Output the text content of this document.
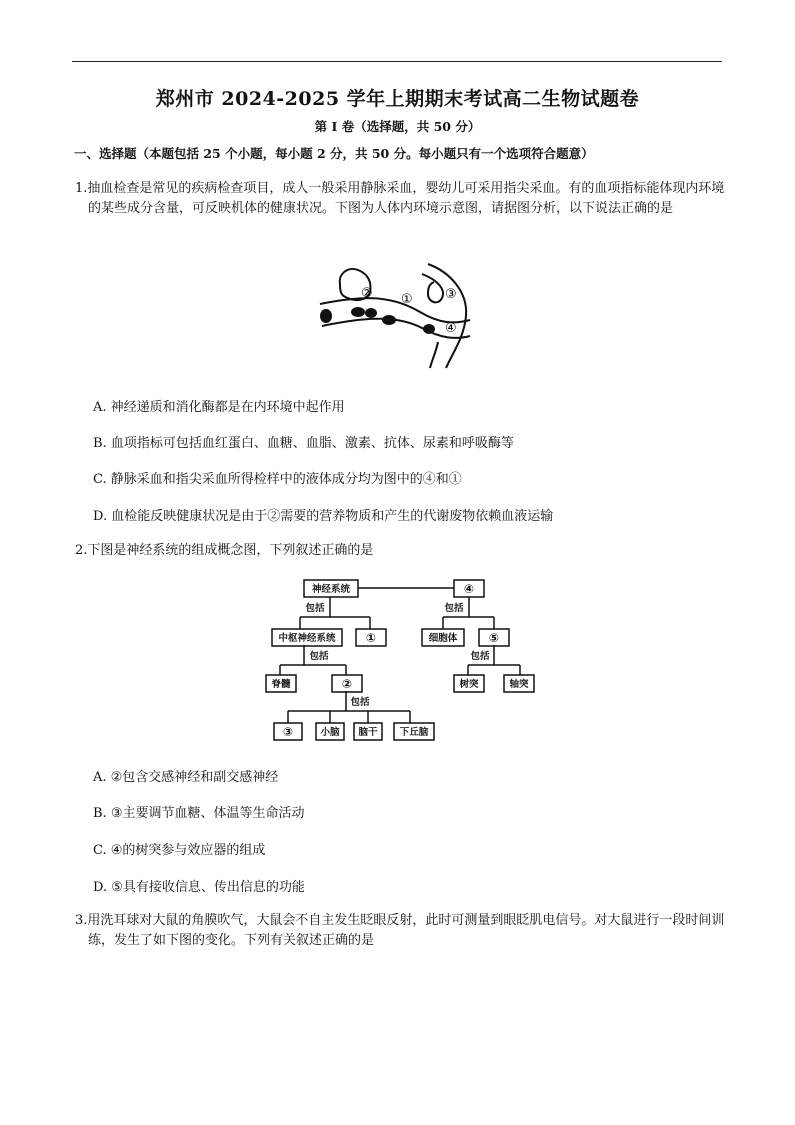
郑州市 2024-2025 学年上期期末考试高二生物试题卷
第 I 卷（选择题，共 50 分）
一、选择题（本题包括 25 个小题，每小题 2 分，共 50 分。每小题只有一个选项符合题意）
1.抽血检查是常见的疾病检查项目，成人一般采用静脉采血，婴幼儿可采用指尖采血。有的血项指标能体现内环境的某些成分含量，可反映机体的健康状况。下图为人体内环境示意图，请据图分析，以下说法正确的是
② ① ③
④
A. 神经递质和消化酶都是在内环境中起作用
B. 血项指标可包括血红蛋白、血糖、血脂、激素、抗体、尿素和呼吸酶等
C. 静脉采血和指尖采血所得检样中的液体成分均为图中的④和①
D. 血检能反映健康状况是由于②需要的营养物质和产生的代谢废物依赖血液运输
2.下图是神经系统的组成概念图，下列叙述正确的是
神经系统	④
包括	包括
中枢神经系统	①	细胞体	⑤
包括	包括
脊髓	②	树突	轴突
包括
③	小脑 脑干 下丘脑
A. ②包含交感神经和副交感神经
B. ③主要调节血糖、体温等生命活动
C. ④的树突参与效应器的组成
D. ⑤具有接收信息、传出信息的功能
3.用洗耳球对大鼠的角膜吹气，大鼠会不自主发生眨眼反射，此时可测量到眼眨肌电信号。对大鼠进行一段时间训练，发生了如下图的变化。下列有关叙述正确的是
